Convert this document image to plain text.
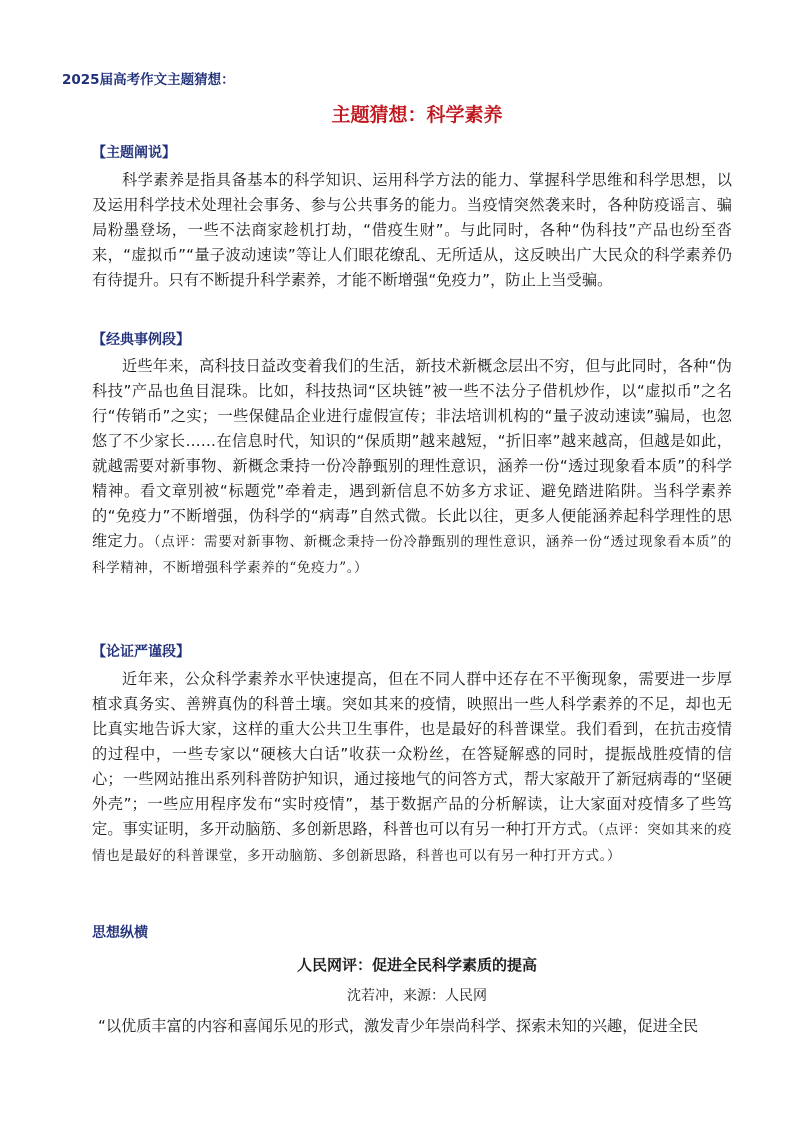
2025届高考作文主题猜想：
主题猜想：科学素养
【主题阐说】
科学素养是指具备基本的科学知识、运用科学方法的能力、掌握科学思维和科学思想，以及运用科学技术处理社会事务、参与公共事务的能力。当疫情突然袭来时，各种防疫谣言、骗局粉墨登场，一些不法商家趁机打劫，“借疫生财”。与此同时，各种“伪科技”产品也纷至沓来，“虚拟币”“量子波动速读”等让人们眼花缭乱、无所适从，这反映出广大民众的科学素养仍有待提升。只有不断提升科学素养，才能不断增强“免疫力”，防止上当受骗。
【经典事例段】
近些年来，高科技日益改变着我们的生活，新技术新概念层出不穷，但与此同时，各种“伪科技”产品也鱼目混珠。比如，科技热词“区块链”被一些不法分子借机炒作，以“虚拟币”之名行“传销币”之实；一些保健品企业进行虚假宣传；非法培训机构的“量子波动速读”骗局，也忽悠了不少家长……在信息时代，知识的“保质期”越来越短，“折旧率”越来越高，但越是如此，就越需要对新事物、新概念秉持一份冷静甄别的理性意识，涵养一份“透过现象看本质”的科学精神。看文章别被“标题党”牵着走，遇到新信息不妨多方求证、避免踏进陷阱。当科学素养的“免疫力”不断增强，伪科学的“病毒”自然式微。长此以往，更多人便能涵养起科学理性的思维定力。（点评：需要对新事物、新概念秉持一份冷静甄别的理性意识，涵养一份“透过现象看本质”的科学精神，不断增强科学素养的“免疫力”。）
【论证严谨段】
近年来，公众科学素养水平快速提高，但在不同人群中还存在不平衡现象，需要进一步厚植求真务实、善辨真伪的科普土壤。突如其来的疫情，映照出一些人科学素养的不足，却也无比真实地告诉大家，这样的重大公共卫生事件，也是最好的科普课堂。我们看到，在抗击疫情的过程中，一些专家以“硬核大白话”收获一众粉丝，在答疑解惑的同时，提振战胜疫情的信心；一些网站推出系列科普防护知识，通过接地气的问答方式，帮大家敲开了新冠病毒的“坚硬外壳”；一些应用程序发布“实时疫情”，基于数据产品的分析解读，让大家面对疫情多了些笃定。事实证明，多开动脑筋、多创新思路，科普也可以有另一种打开方式。（点评：突如其来的疫情也是最好的科普课堂，多开动脑筋、多创新思路，科普也可以有另一种打开方式。）
思想纵横
人民网评：促进全民科学素质的提高
沈若冲，来源：人民网
“以优质丰富的内容和喜闻乐见的形式，激发青少年崇尚科学、探索未知的兴趣，促进全民
